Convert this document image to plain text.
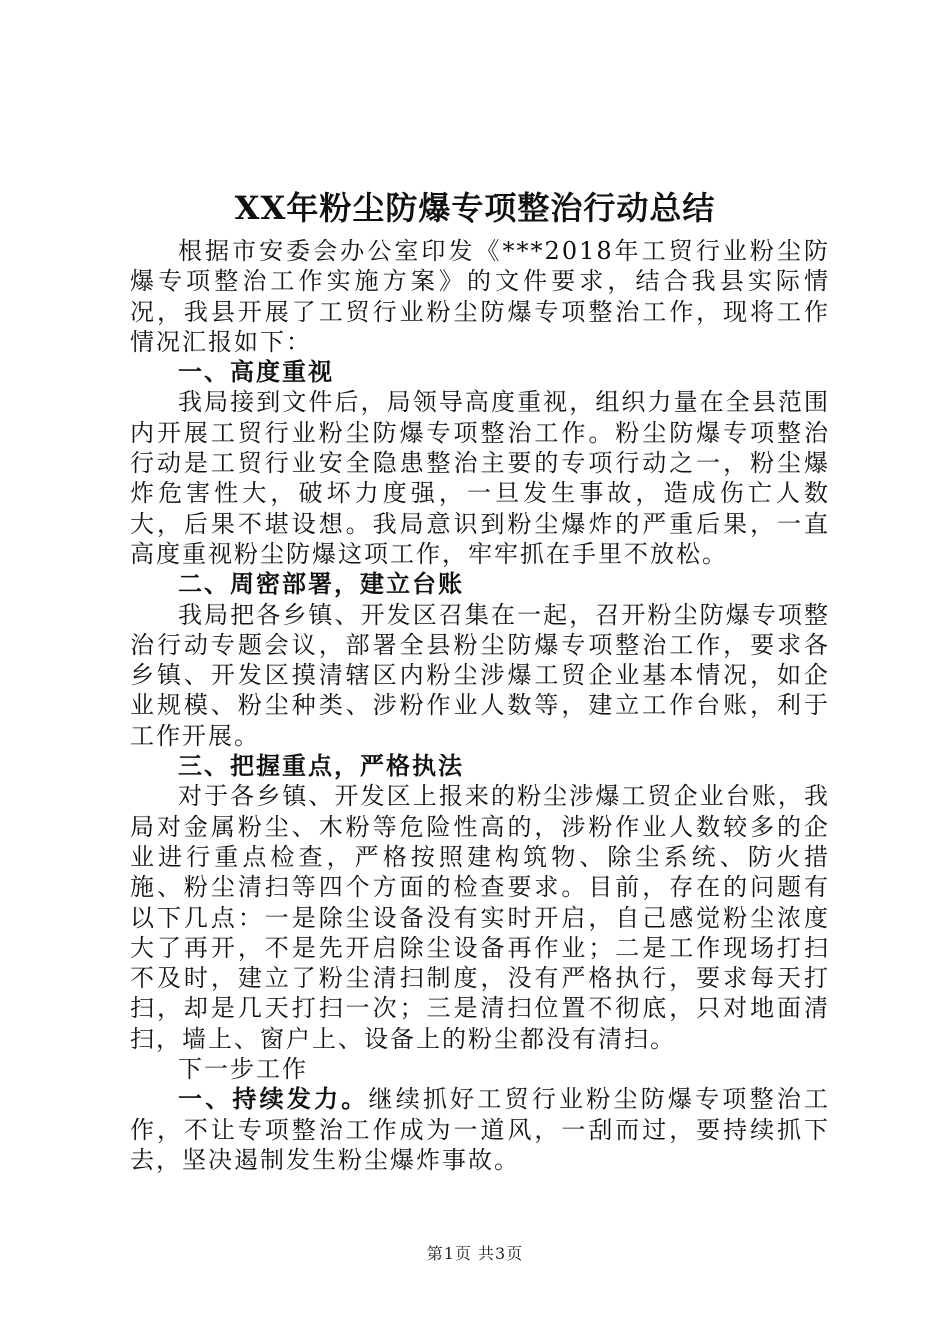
XX年粉尘防爆专项整治行动总结

根据市安委会办公室印发《***2018年工贸行业粉尘防爆专项整治工作实施方案》的文件要求，结合我县实际情况，我县开展了工贸行业粉尘防爆专项整治工作，现将工作情况汇报如下：

一、高度重视

我局接到文件后，局领导高度重视，组织力量在全县范围内开展工贸行业粉尘防爆专项整治工作。粉尘防爆专项整治行动是工贸行业安全隐患整治主要的专项行动之一，粉尘爆炸危害性大，破坏力度强，一旦发生事故，造成伤亡人数大，后果不堪设想。我局意识到粉尘爆炸的严重后果，一直高度重视粉尘防爆这项工作，牢牢抓在手里不放松。

二、周密部署，建立台账

我局把各乡镇、开发区召集在一起，召开粉尘防爆专项整治行动专题会议，部署全县粉尘防爆专项整治工作，要求各乡镇、开发区摸清辖区内粉尘涉爆工贸企业基本情况，如企业规模、粉尘种类、涉粉作业人数等，建立工作台账，利于工作开展。

三、把握重点，严格执法

对于各乡镇、开发区上报来的粉尘涉爆工贸企业台账，我局对金属粉尘、木粉等危险性高的，涉粉作业人数较多的企业进行重点检查，严格按照建构筑物、除尘系统、防火措施、粉尘清扫等四个方面的检查要求。目前，存在的问题有以下几点：一是除尘设备没有实时开启，自己感觉粉尘浓度大了再开，不是先开启除尘设备再作业；二是工作现场打扫不及时，建立了粉尘清扫制度，没有严格执行，要求每天打扫，却是几天打扫一次；三是清扫位置不彻底，只对地面清扫，墙上、窗户上、设备上的粉尘都没有清扫。

下一步工作

一、持续发力。继续抓好工贸行业粉尘防爆专项整治工作，不让专项整治工作成为一道风，一刮而过，要持续抓下去，坚决遏制发生粉尘爆炸事故。

第1页 共3页
